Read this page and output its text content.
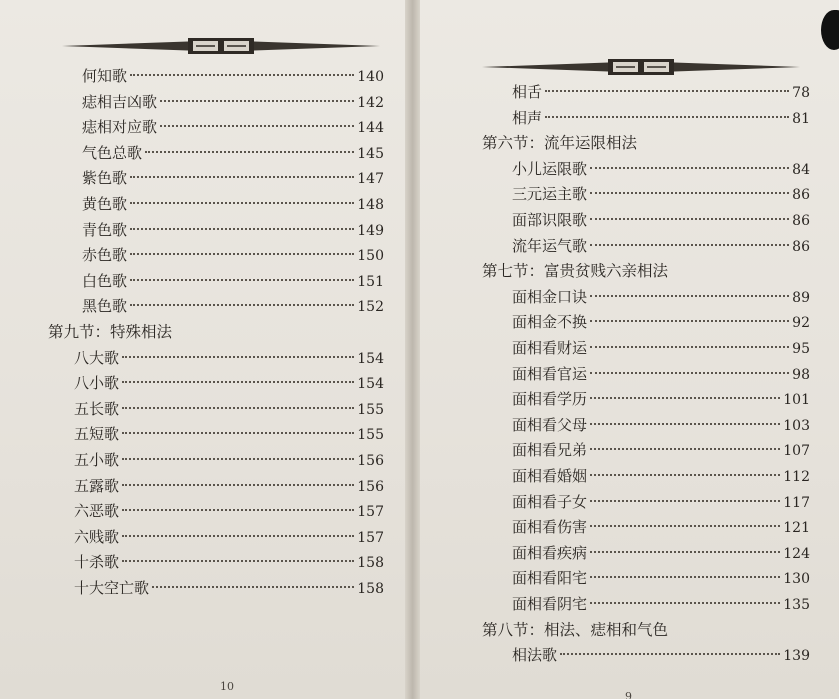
何知歌	140
痣相吉凶歌	142
痣相对应歌	144
气色总歌	145
紫色歌	147
黄色歌	148
青色歌	149
赤色歌	150
白色歌	151
黑色歌	152
第九节：特殊相法
八大歌	154
八小歌	154
五长歌	155
五短歌	155
五小歌	156
五露歌	156
六恶歌	157
六贱歌	157
十杀歌	158
十大空亡歌	158
10
相舌	78
相声	81
第六节：流年运限相法
小儿运限歌	84
三元运主歌	86
面部识限歌	86
流年运气歌	86
第七节：富贵贫贱六亲相法
面相金口诀	89
面相金不换	92
面相看财运	95
面相看官运	98
面相看学历	101
面相看父母	103
面相看兄弟	107
面相看婚姻	112
面相看子女	117
面相看伤害	121
面相看疾病	124
面相看阳宅	130
面相看阴宅	135
第八节：相法、痣相和气色
相法歌	139
9
